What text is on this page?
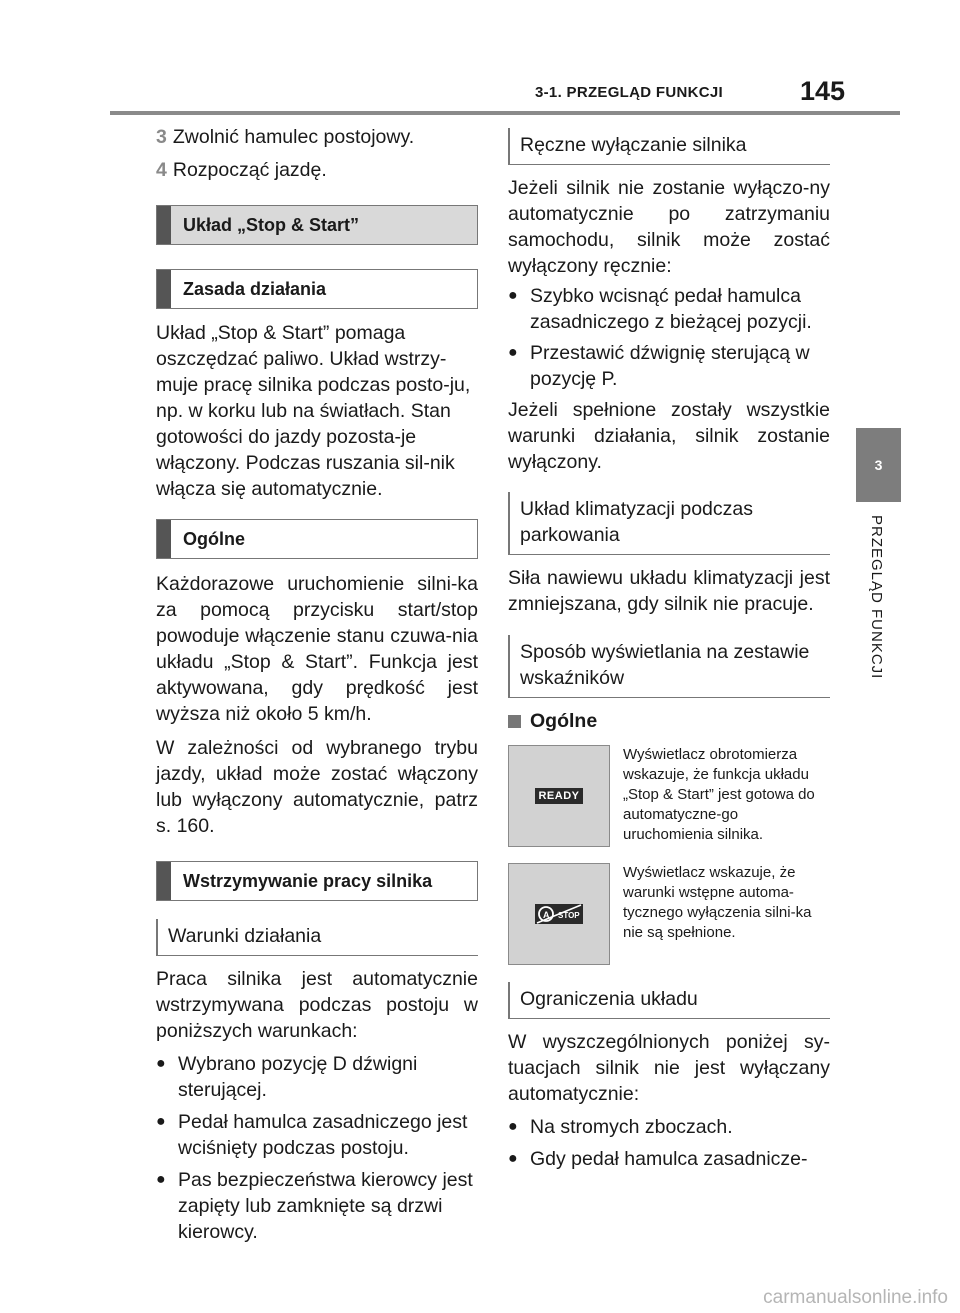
3-1. PRZEGLĄD FUNKCJI	145
3
PRZEGLĄD FUNKCJI
3 Zwolnić hamulec postojowy.
4 Rozpocząć jazdę.
Układ „Stop & Start”
Zasada działania

Układ „Stop & Start” pomaga oszczędzać paliwo. Układ wstrzy-muje pracę silnika podczas posto-ju, np. w korku lub na światłach. Stan gotowości do jazdy pozosta-je włączony. Podczas ruszania sil-nik włącza się automatycznie.

Ogólne

Każdorazowe uruchomienie silni-ka za pomocą przycisku start/stop powoduje włączenie stanu czuwa-nia układu „Stop & Start”. Funkcja jest aktywowana, gdy prędkość jest wyższa niż około 5 km/h.

W zależności od wybranego trybu jazdy, układ może zostać włączony lub wyłączony automatycznie, patrz s. 160.

Wstrzymywanie pracy silnika
Warunki działania

Praca silnika jest automatycznie wstrzymywana podczas postoju w poniższych warunkach:

● Wybrano pozycję D dźwigni sterującej.
● Pedał hamulca zasadniczego jest wciśnięty podczas postoju.
● Pas bezpieczeństwa kierowcy jest zapięty lub zamknięte są drzwi kierowcy.
Ręczne wyłączanie silnika

Jeżeli silnik nie zostanie wyłączo-ny automatycznie po zatrzymaniu samochodu, silnik może zostać wyłączony ręcznie:

● Szybko wcisnąć pedał hamulca zasadniczego z bieżącej pozycji.
● Przestawić dźwignię sterującą w pozycję P.

Jeżeli spełnione zostały wszystkie warunki działania, silnik zostanie wyłączony.

Układ klimatyzacji podczas parkowania

Siła nawiewu układu klimatyzacji jest zmniejszana, gdy silnik nie pracuje.

Sposób wyświetlania na zestawie wskaźników
Ogólne
READY
Wyświetlacz obrotomierza wskazuje, że funkcja układu „Stop & Start” jest gotowa do automatyczne-go uruchomienia silnika.
A STOP
Wyświetlacz wskazuje, że warunki wstępne automa-tycznego wyłączenia silni-ka nie są spełnione.
Ograniczenia układu

W wyszczególnionych poniżej sy-tuacjach silnik nie jest wyłączany automatycznie:

● Na stromych zboczach.
● Gdy pedał hamulca zasadnicze-
carmanualsonline.info
